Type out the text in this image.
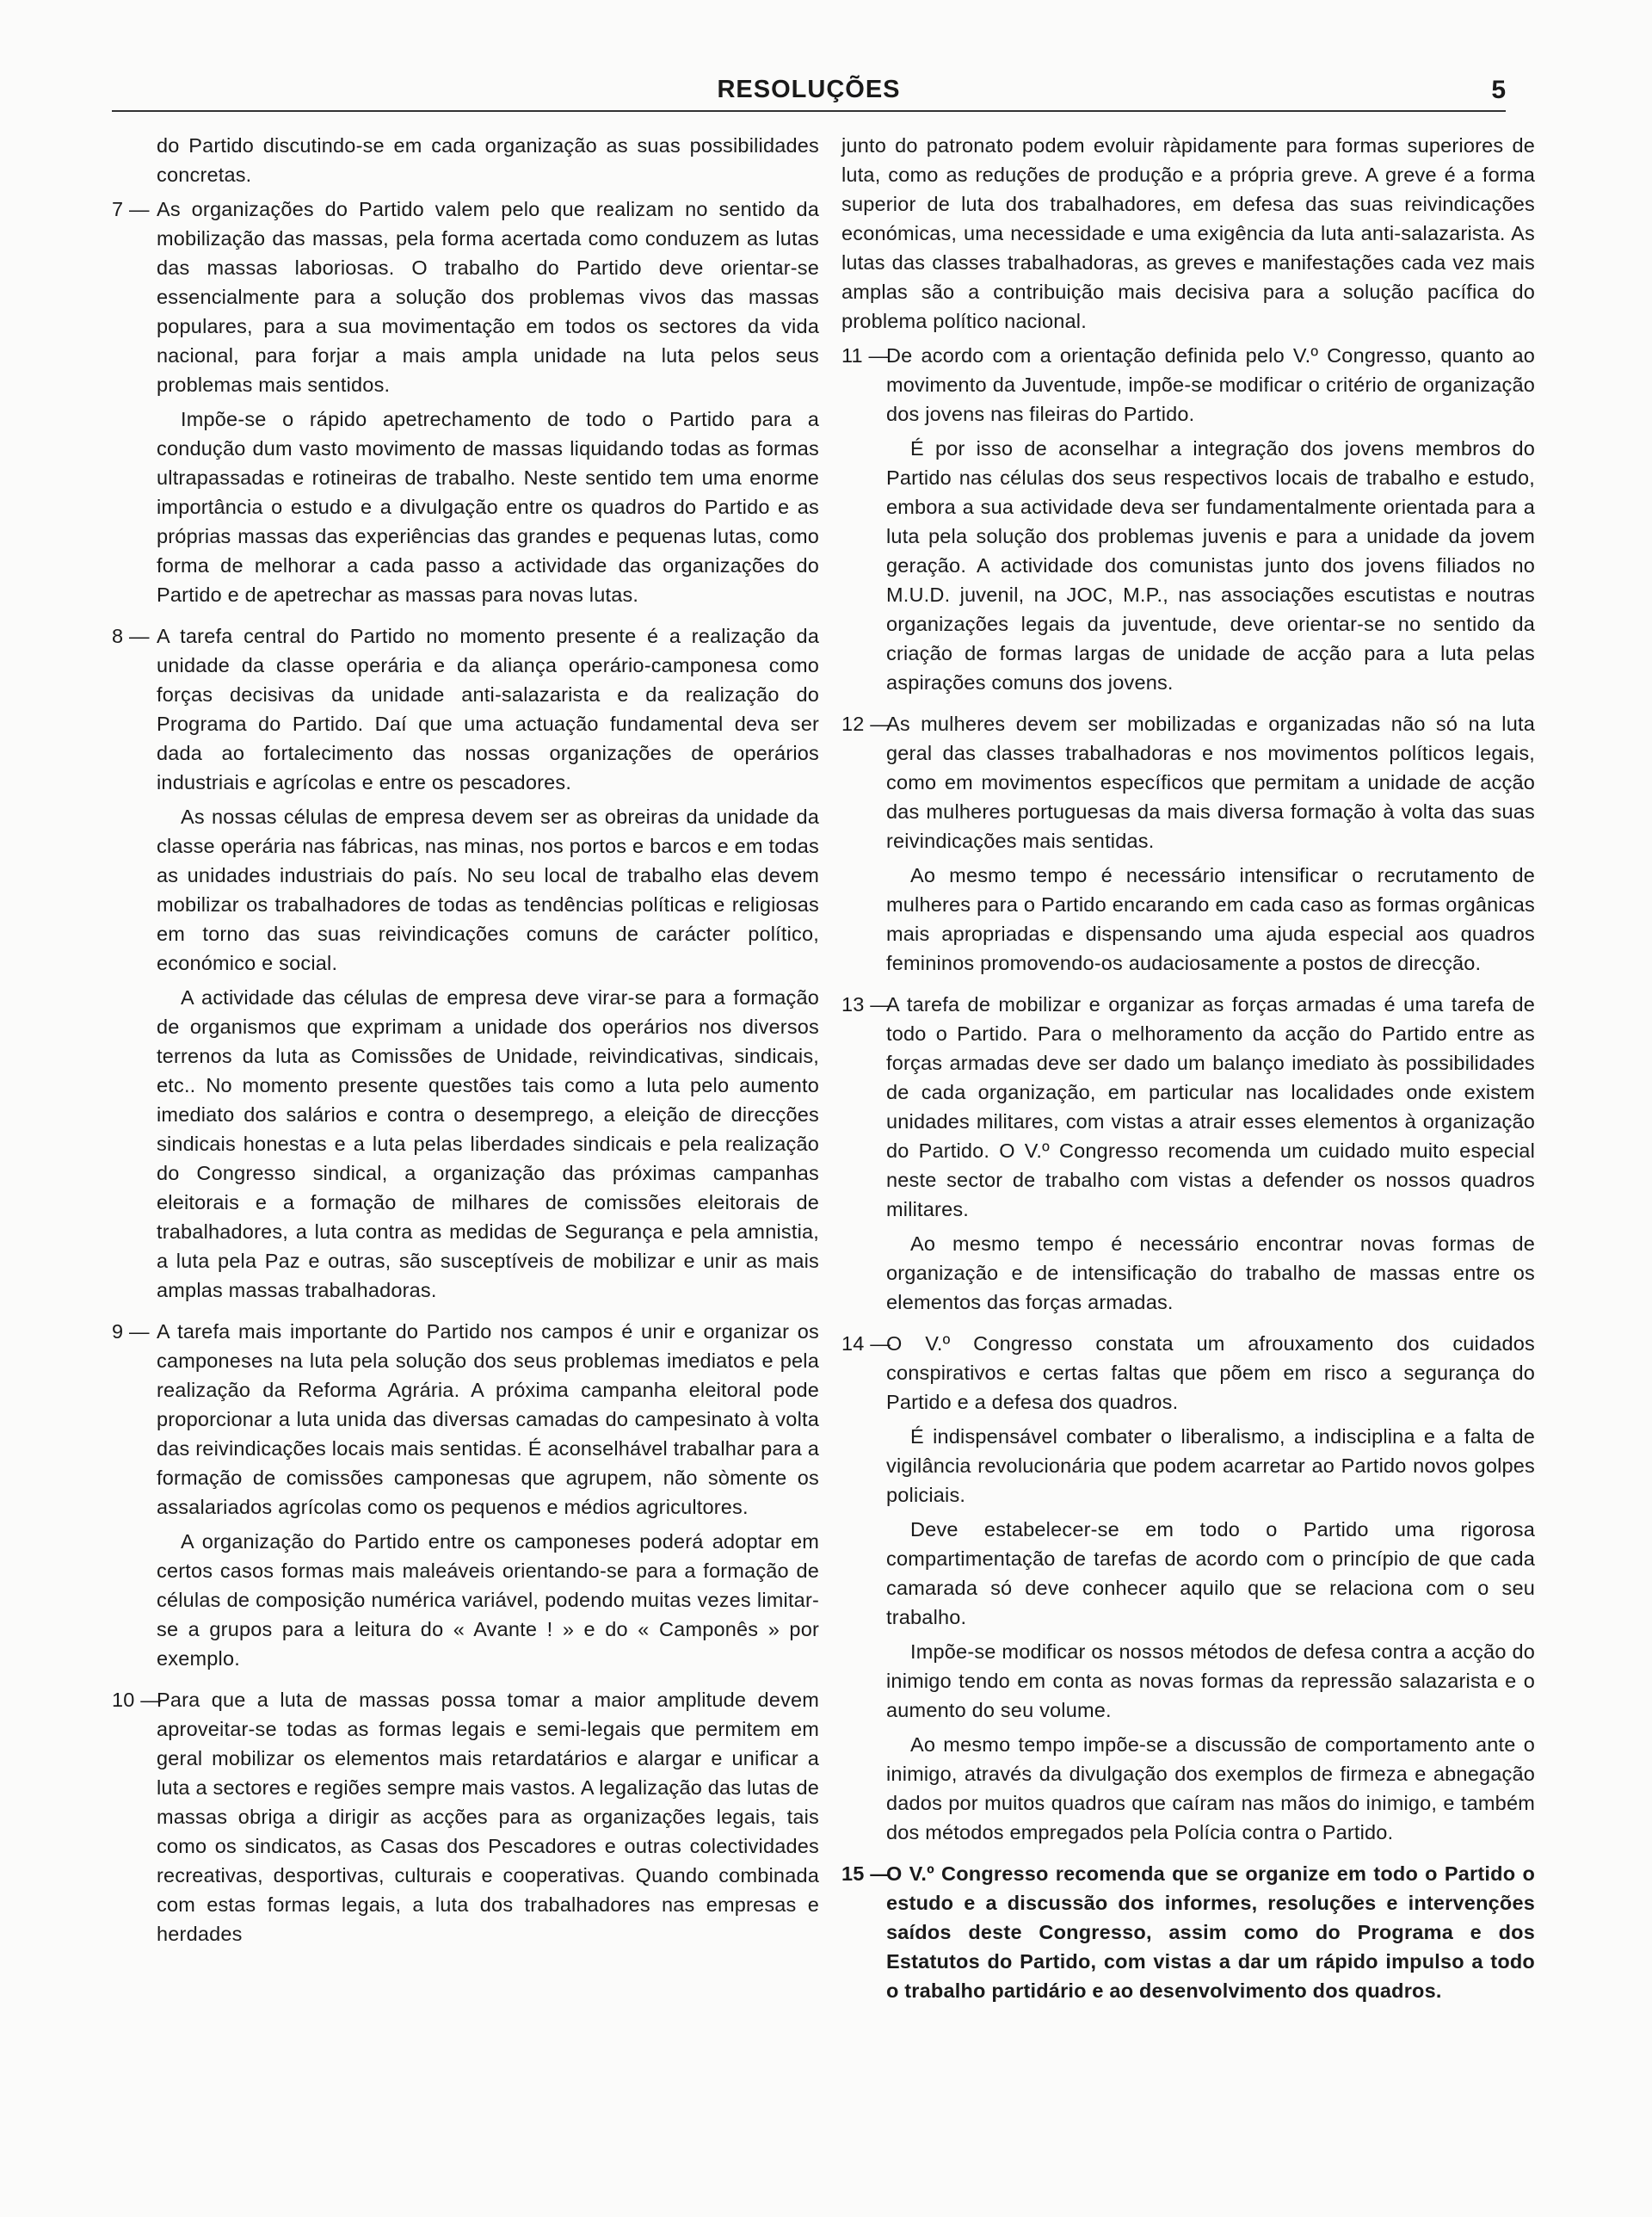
RESOLUÇÕES	5

do Partido discutindo-se em cada organização as suas possibilidades concretas.

7 — As organizações do Partido valem pelo que realizam no sentido da mobilização das massas, pela forma acertada como conduzem as lutas das massas laboriosas. O trabalho do Partido deve orientar-se essencialmente para a solução dos problemas vivos das massas populares, para a sua movimentação em todos os sectores da vida nacional, para forjar a mais ampla unidade na luta pelos seus problemas mais sentidos.

Impõe-se o rápido apetrechamento de todo o Partido para a condução dum vasto movimento de massas liquidando todas as formas ultrapassadas e rotineiras de trabalho. Neste sentido tem uma enorme importância o estudo e a divulgação entre os quadros do Partido e as próprias massas das experiências das grandes e pequenas lutas, como forma de melhorar a cada passo a actividade das organizações do Partido e de apetrechar as massas para novas lutas.

8 — A tarefa central do Partido no momento presente é a realização da unidade da classe operária e da aliança operário-camponesa como forças decisivas da unidade anti-salazarista e da realização do Programa do Partido. Daí que uma actuação fundamental deva ser dada ao fortalecimento das nossas organizações de operários industriais e agrícolas e entre os pescadores.

As nossas células de empresa devem ser as obreiras da unidade da classe operária nas fábricas, nas minas, nos portos e barcos e em todas as unidades industriais do país. No seu local de trabalho elas devem mobilizar os trabalhadores de todas as tendências políticas e religiosas em torno das suas reivindicações comuns de carácter político, económico e social.

A actividade das células de empresa deve virar-se para a formação de organismos que exprimam a unidade dos operários nos diversos terrenos da luta as Comissões de Unidade, reivindicativas, sindicais, etc.. No momento presente questões tais como a luta pelo aumento imediato dos salários e contra o desemprego, a eleição de direcções sindicais honestas e a luta pelas liberdades sindicais e pela realização do Congresso sindical, a organização das próximas campanhas eleitorais e a formação de milhares de comissões eleitorais de trabalhadores, a luta contra as medidas de Segurança e pela amnistia, a luta pela Paz e outras, são susceptíveis de mobilizar e unir as mais amplas massas trabalhadoras.

9 — A tarefa mais importante do Partido nos campos é unir e organizar os camponeses na luta pela solução dos seus problemas imediatos e pela realização da Reforma Agrária. A próxima campanha eleitoral pode proporcionar a luta unida das diversas camadas do campesinato à volta das reivindicações locais mais sentidas. É aconselhável trabalhar para a formação de comissões camponesas que agrupem, não sòmente os assalariados agrícolas como os pequenos e médios agricultores.

A organização do Partido entre os camponeses poderá adoptar em certos casos formas mais maleáveis orientando-se para a formação de células de composição numérica variável, podendo muitas vezes limitar-se a grupos para a leitura do « Avante ! » e do « Camponês » por exemplo.

10 —

Para que a luta de massas possa tomar a maior amplitude devem aproveitar-se todas as formas legais e semi-legais que permitem em geral mobilizar os elementos mais retardatários e alargar e unificar a luta a sectores e regiões sempre mais vastos. A legalização das lutas de massas obriga a dirigir as acções para as organizações legais, tais como os sindicatos, as Casas dos Pescadores e outras colectividades recreativas, desportivas, culturais e cooperativas. Quando combinada com estas formas legais, a luta dos trabalhadores nas empresas e herdades

junto do patronato podem evoluir ràpidamente para formas superiores de luta, como as reduções de produção e a própria greve. A greve é a forma superior de luta dos trabalhadores, em defesa das suas reivindicações económicas, uma necessidade e uma exigência da luta anti-salazarista. As lutas das classes trabalhadoras, as greves e manifestações cada vez mais amplas são a contribuição mais decisiva para a solução pacífica do problema político nacional.

11 —

De acordo com a orientação definida pelo V.º Congresso, quanto ao movimento da Juventude, impõe-se modificar o critério de organização dos jovens nas fileiras do Partido.

É por isso de aconselhar a integração dos jovens membros do Partido nas células dos seus respectivos locais de trabalho e estudo, embora a sua actividade deva ser fundamentalmente orientada para a luta pela solução dos problemas juvenis e para a unidade da jovem geração. A actividade dos comunistas junto dos jovens filiados no M.U.D. juvenil, na JOC, M.P., nas associações escutistas e noutras organizações legais da juventude, deve orientar-se no sentido da criação de formas largas de unidade de acção para a luta pelas aspirações comuns dos jovens.

12 —

As mulheres devem ser mobilizadas e organizadas não só na luta geral das classes trabalhadoras e nos movimentos políticos legais, como em movimentos específicos que permitam a unidade de acção das mulheres portuguesas da mais diversa formação à volta das suas reivindicações mais sentidas.

Ao mesmo tempo é necessário intensificar o recrutamento de mulheres para o Partido encarando em cada caso as formas orgânicas mais apropriadas e dispensando uma ajuda especial aos quadros femininos promovendo-os audaciosamente a postos de direcção.

13 —

A tarefa de mobilizar e organizar as forças armadas é uma tarefa de todo o Partido. Para o melhoramento da acção do Partido entre as forças armadas deve ser dado um balanço imediato às possibilidades de cada organização, em particular nas localidades onde existem unidades militares, com vistas a atrair esses elementos à organização do Partido. O V.º Congresso recomenda um cuidado muito especial neste sector de trabalho com vistas a defender os nossos quadros militares.

Ao mesmo tempo é necessário encontrar novas formas de organização e de intensificação do trabalho de massas entre os elementos das forças armadas.

14 —

O V.º Congresso constata um afrouxamento dos cuidados conspirativos e certas faltas que põem em risco a segurança do Partido e a defesa dos quadros.

É indispensável combater o liberalismo, a indisciplina e a falta de vigilância revolucionária que podem acarretar ao Partido novos golpes policiais.

Deve estabelecer-se em todo o Partido uma rigorosa compartimentação de tarefas de acordo com o princípio de que cada camarada só deve conhecer aquilo que se relaciona com o seu trabalho.

Impõe-se modificar os nossos métodos de defesa contra a acção do inimigo tendo em conta as novas formas da repressão salazarista e o aumento do seu volume.

Ao mesmo tempo impõe-se a discussão de comportamento ante o inimigo, através da divulgação dos exemplos de firmeza e abnegação dados por muitos quadros que caíram nas mãos do inimigo, e também dos métodos empregados pela Polícia contra o Partido.

15 —

O V.º Congresso recomenda que se organize em todo o Partido o estudo e a discussão dos informes, resoluções e intervenções saídos deste Congresso, assim como do Programa e dos Estatutos do Partido, com vistas a dar um rápido impulso a todo o trabalho partidário e ao desenvolvimento dos quadros.
